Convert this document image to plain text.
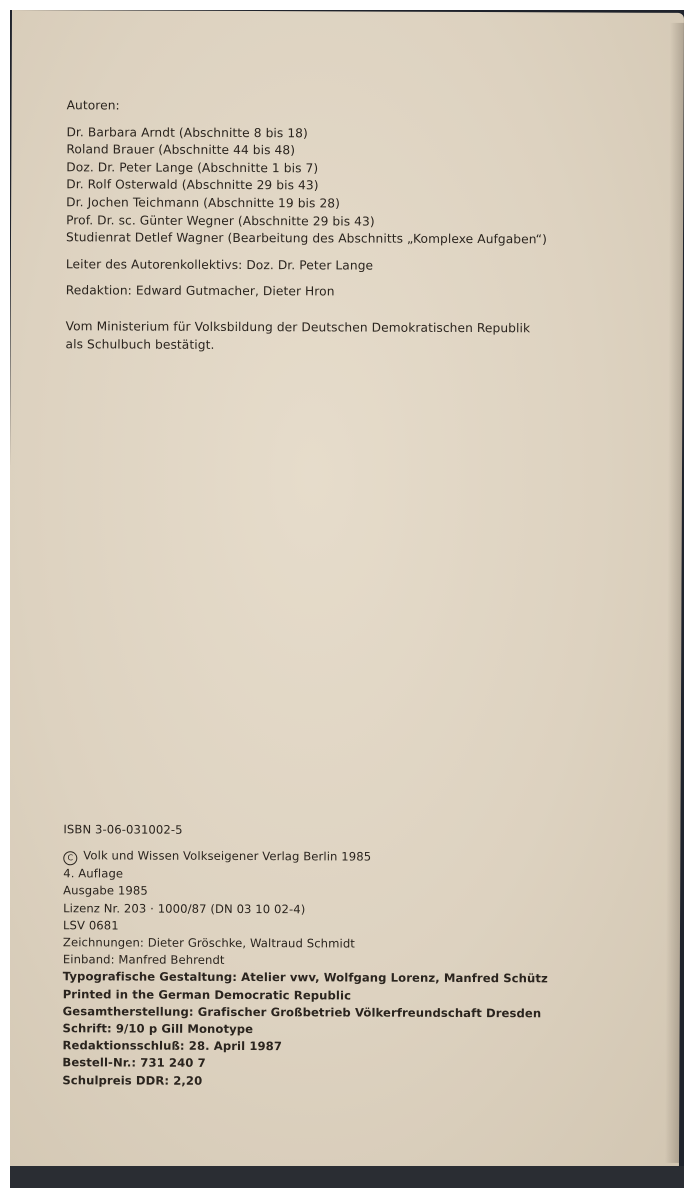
Autoren:
Dr. Barbara Arndt (Abschnitte 8 bis 18)
Roland Brauer (Abschnitte 44 bis 48)
Doz. Dr. Peter Lange (Abschnitte 1 bis 7)
Dr. Rolf Osterwald (Abschnitte 29 bis 43)
Dr. Jochen Teichmann (Abschnitte 19 bis 28)
Prof. Dr. sc. Günter Wegner (Abschnitte 29 bis 43)
Studienrat Detlef Wagner (Bearbeitung des Abschnitts „Komplexe Aufgaben“)
Leiter des Autorenkollektivs: Doz. Dr. Peter Lange
Redaktion: Edward Gutmacher, Dieter Hron
Vom Ministerium für Volksbildung der Deutschen Demokratischen Republik
als Schulbuch bestätigt.
ISBN 3-06-031002-5
C Volk und Wissen Volkseigener Verlag Berlin 1985
4. Auflage
Ausgabe 1985
Lizenz Nr. 203 · 1000/87 (DN 03 10 02-4)
LSV 0681
Zeichnungen: Dieter Gröschke, Waltraud Schmidt
Einband: Manfred Behrendt
Typografische Gestaltung: Atelier vwv, Wolfgang Lorenz, Manfred Schütz
Printed in the German Democratic Republic
Gesamtherstellung: Grafischer Großbetrieb Völkerfreundschaft Dresden
Schrift: 9/10 p Gill Monotype
Redaktionsschluß: 28. April 1987
Bestell-Nr.: 731 240 7
Schulpreis DDR: 2,20
